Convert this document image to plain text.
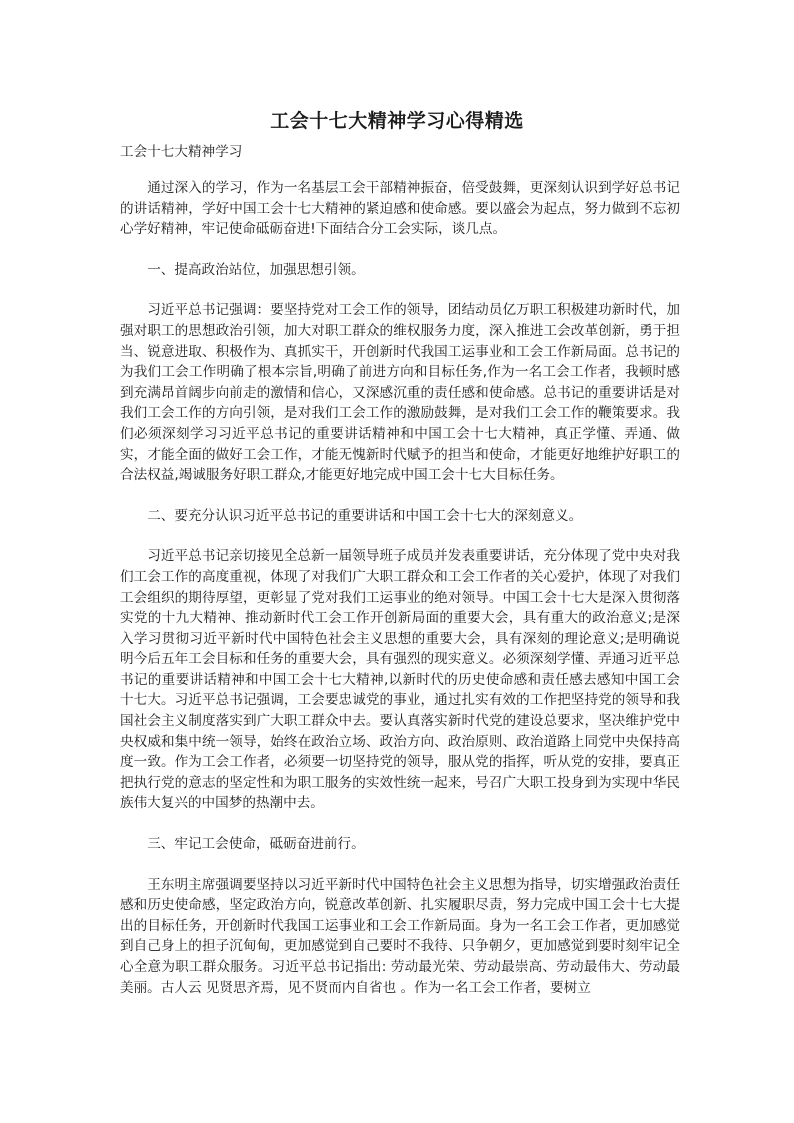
工会十七大精神学习心得精选

工会十七大精神学习

通过深入的学习，作为一名基层工会干部精神振奋，倍受鼓舞，更深刻认识到学好总书记的讲话精神，学好中国工会十七大精神的紧迫感和使命感。要以盛会为起点，努力做到不忘初心学好精神，牢记使命砥砺奋进!下面结合分工会实际，谈几点。

一、提高政治站位，加强思想引领。

习近平总书记强调：要坚持党对工会工作的领导，团结动员亿万职工积极建功新时代，加强对职工的思想政治引领，加大对职工群众的维权服务力度，深入推进工会改革创新，勇于担当、锐意进取、积极作为、真抓实干，开创新时代我国工运事业和工会工作新局面。总书记的为我们工会工作明确了根本宗旨,明确了前进方向和目标任务,作为一名工会工作者，我顿时感到充满昂首阔步向前走的激情和信心，又深感沉重的责任感和使命感。总书记的重要讲话是对我们工会工作的方向引领，是对我们工会工作的激励鼓舞，是对我们工会工作的鞭策要求。我们必须深刻学习习近平总书记的重要讲话精神和中国工会十七大精神，真正学懂、弄通、做实，才能全面的做好工会工作，才能无愧新时代赋予的担当和使命，才能更好地维护好职工的合法权益,竭诚服务好职工群众,才能更好地完成中国工会十七大目标任务。

二、要充分认识习近平总书记的重要讲话和中国工会十七大的深刻意义。

习近平总书记亲切接见全总新一届领导班子成员并发表重要讲话，充分体现了党中央对我们工会工作的高度重视，体现了对我们广大职工群众和工会工作者的关心爱护，体现了对我们工会组织的期待厚望，更彰显了党对我们工运事业的绝对领导。中国工会十七大是深入贯彻落实党的十九大精神、推动新时代工会工作开创新局面的重要大会，具有重大的政治意义;是深入学习贯彻习近平新时代中国特色社会主义思想的重要大会，具有深刻的理论意义;是明确说明今后五年工会目标和任务的重要大会，具有强烈的现实意义。必须深刻学懂、弄通习近平总书记的重要讲话精神和中国工会十七大精神,以新时代的历史使命感和责任感去感知中国工会十七大。习近平总书记强调，工会要忠诚党的事业，通过扎实有效的工作把坚持党的领导和我国社会主义制度落实到广大职工群众中去。要认真落实新时代党的建设总要求，坚决维护党中央权威和集中统一领导，始终在政治立场、政治方向、政治原则、政治道路上同党中央保持高度一致。作为工会工作者，必须要一切坚持党的领导，服从党的指挥，听从党的安排，要真正把执行党的意志的坚定性和为职工服务的实效性统一起来，号召广大职工投身到为实现中华民族伟大复兴的中国梦的热潮中去。

三、牢记工会使命，砥砺奋进前行。

王东明主席强调要坚持以习近平新时代中国特色社会主义思想为指导，切实增强政治责任感和历史使命感，坚定政治方向，锐意改革创新、扎实履职尽责，努力完成中国工会十七大提出的目标任务，开创新时代我国工运事业和工会工作新局面。身为一名工会工作者，更加感觉到自己身上的担子沉甸甸，更加感觉到自己要时不我待、只争朝夕，更加感觉到要时刻牢记全心全意为职工群众服务。习近平总书记指出: 劳动最光荣、劳动最崇高、劳动最伟大、劳动最美丽。古人云 见贤思齐焉，见不贤而内自省也 。作为一名工会工作者，要树立
